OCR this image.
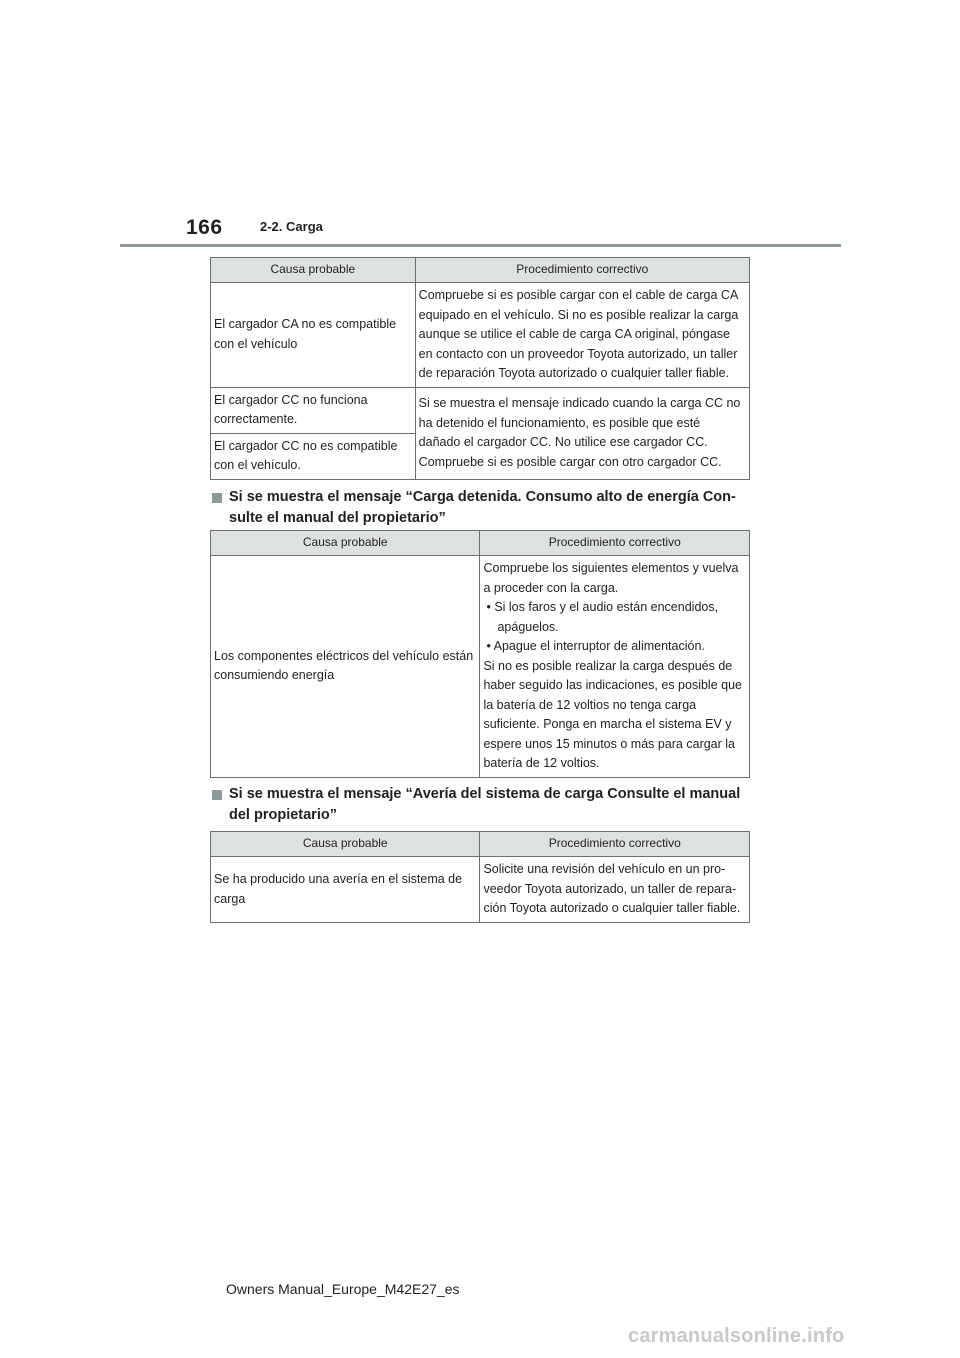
166	2-2. Carga
Causa probable	Procedimiento correctivo
El cargador CA no es compatible con el vehículo	Compruebe si es posible cargar con el cable de carga CA equipado en el vehículo. Si no es posible realizar la carga aunque se utilice el cable de carga CA original, póngase en contacto con un proveedor Toyota autorizado, un taller de reparación Toyota autorizado o cualquier taller fiable.
El cargador CC no funciona correctamente.	Si se muestra el mensaje indicado cuando la carga CC no ha detenido el funcionamiento, es posible que esté dañado el cargador CC. No utilice ese cargador CC. Compruebe si es posible cargar con otro cargador CC.
El cargador CC no es compatible con el vehículo.	
Si se muestra el mensaje “Carga detenida. Consumo alto de energía Con-sulte el manual del propietario”
Causa probable	Procedimiento correctivo
Los componentes eléctricos del vehículo están consumiendo energía	Compruebe los siguientes elementos y vuelva a proceder con la carga.
• Si los faros y el audio están encendidos, apáguelos.
• Apague el interruptor de alimentación.
Si no es posible realizar la carga después de haber seguido las indicaciones, es posible que la batería de 12 voltios no tenga carga suficiente. Ponga en marcha el sistema EV y espere unos 15 minutos o más para cargar la batería de 12 voltios.
Si se muestra el mensaje “Avería del sistema de carga Consulte el manual del propietario”
Causa probable	Procedimiento correctivo
Se ha producido una avería en el sistema de carga	Solicite una revisión del vehículo en un pro-veedor Toyota autorizado, un taller de repara-ción Toyota autorizado o cualquier taller fiable.
Owners Manual_Europe_M42E27_es
carmanualsonline.info
